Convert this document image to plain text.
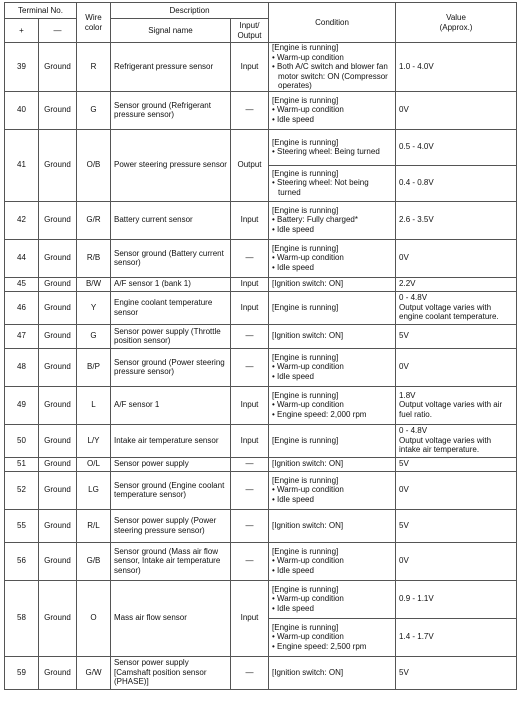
Terminal No.		Wire color	Description		Condition	Value
(Approx.)

+	—		Signal name	Input/ Output		
39	Ground	R	Refrigerant pressure sensor	Input	[Engine is running]
• Warm-up condition
• Both A/C switch and blower fan motor switch: ON (Compressor operates)	1.0 - 4.0V

40	Ground	G	Sensor ground (Refrigerant pressure sensor)	—	[Engine is running]
• Warm-up condition
• Idle speed	0V

41	Ground	O/B	Power steering pressure sensor	Output	[Engine is running]
• Steering wheel: Being turned	0.5 - 4.0V

					[Engine is running]
• Steering wheel: Not being turned	0.4 - 0.8V

42	Ground	G/R	Battery current sensor	Input	[Engine is running]
• Battery: Fully charged*
• Idle speed	2.6 - 3.5V

44	Ground	R/B	Sensor ground (Battery current sensor)	—	[Engine is running]
• Warm-up condition
• Idle speed	0V

45	Ground	B/W	A/F sensor 1 (bank 1)	Input	[Ignition switch: ON]	2.2V

46	Ground	Y	Engine coolant temperature sensor	Input	[Engine is running]	0 - 4.8V
Output voltage varies with engine coolant temperature.

47	Ground	G	Sensor power supply (Throttle position sensor)	—	[Ignition switch: ON]	5V

48	Ground	B/P	Sensor ground (Power steering pressure sensor)	—	[Engine is running]
• Warm-up condition
• Idle speed	0V

49	Ground	L	A/F sensor 1	Input	[Engine is running]
• Warm-up condition
• Engine speed: 2,000 rpm	1.8V
Output voltage varies with air fuel ratio.

50	Ground	L/Y	Intake air temperature sensor	Input	[Engine is running]	0 - 4.8V
Output voltage varies with intake air temperature.

51	Ground	O/L	Sensor power supply	—	[Ignition switch: ON]	5V

52	Ground	LG	Sensor ground (Engine coolant temperature sensor)	—	[Engine is running]
• Warm-up condition
• Idle speed	0V

55	Ground	R/L	Sensor power supply (Power steering pressure sensor)	—	[Ignition switch: ON]	5V

56	Ground	G/B	Sensor ground (Mass air flow sensor, Intake air temperature sensor)	—	[Engine is running]
• Warm-up condition
• Idle speed	0V

58	Ground	O	Mass air flow sensor	Input	[Engine is running]
• Warm-up condition
• Idle speed	0.9 - 1.1V

					[Engine is running]
• Warm-up condition
• Engine speed: 2,500 rpm	1.4 - 1.7V

59	Ground	G/W	Sensor power supply [Camshaft position sensor (PHASE)]	—	[Ignition switch: ON]	5V
